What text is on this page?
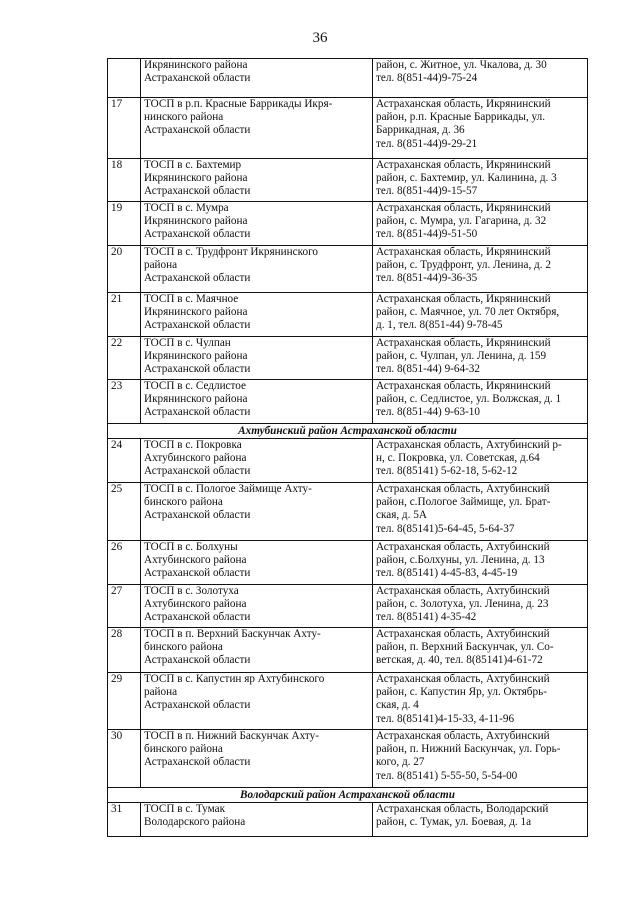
36

	Икрянинского района
Астраханской области	район, с. Житное, ул. Чкалова, д. 30
тел. 8(851-44)9-75-24

17	ТОСП в р.п. Красные Баррикады Икря-
нинского района
Астраханской области	Астраханская область, Икрянинский
район, р.п. Красные Баррикады, ул.
Баррикадная, д. 36
тел. 8(851-44)9-29-21

18	ТОСП в с. Бахтемир
Икрянинского района
Астраханской области	Астраханская область, Икрянинский
район, с. Бахтемир, ул. Калинина, д. 3
тел. 8(851-44)9-15-57

19	ТОСП в с. Мумра
Икрянинского района
Астраханской области	Астраханская область, Икрянинский
район, с. Мумра, ул. Гагарина, д. 32
тел. 8(851-44)9-51-50

20	ТОСП в с. Трудфронт Икрянинского
района
Астраханской области	Астраханская область, Икрянинский
район, с. Трудфронт, ул. Ленина, д. 2
тел. 8(851-44)9-36-35

21	ТОСП в с. Маячное
Икрянинского района
Астраханской области	Астраханская область, Икрянинский
район, с. Маячное, ул. 70 лет Октября,
д. 1, тел. 8(851-44) 9-78-45

22	ТОСП в с. Чулпан
Икрянинского района
Астраханской области	Астраханская область, Икрянинский
район, с. Чулпан, ул. Ленина, д. 159
тел. 8(851-44) 9-64-32

23	ТОСП в с. Седлистое
Икрянинского района
Астраханской области	Астраханская область, Икрянинский
район, с. Седлистое, ул. Волжская, д. 1
тел. 8(851-44) 9-63-10

Ахтубинский район Астраханской области		
24	ТОСП в с. Покровка
Ахтубинского района
Астраханской области	Астраханская область, Ахтубинский р-
н, с. Покровка, ул. Советская, д.64
тел. 8(85141) 5-62-18, 5-62-12

25	ТОСП в с. Пологое Займище Ахту-
бинского района
Астраханской области	Астраханская область, Ахтубинский
район, с.Пологое Займище, ул. Брат-
ская, д. 5А
тел. 8(85141)5-64-45, 5-64-37

26	ТОСП в с. Болхуны
Ахтубинского района
Астраханской области	Астраханская область, Ахтубинский
район, с.Болхуны, ул. Ленина, д. 13
тел. 8(85141) 4-45-83, 4-45-19

27	ТОСП в с. Золотуха
Ахтубинского района
Астраханской области	Астраханская область, Ахтубинский
район, с. Золотуха, ул. Ленина, д. 23
тел. 8(85141) 4-35-42

28	ТОСП в п. Верхний Баскунчак Ахту-
бинского района
Астраханской области	Астраханская область, Ахтубинский
район, п. Верхний Баскунчак, ул. Со-
ветская, д. 40, тел. 8(85141)4-61-72

29	ТОСП в с. Капустин яр Ахтубинского
района
Астраханской области	Астраханская область, Ахтубинский
район, с. Капустин Яр, ул. Октябрь-
ская, д. 4
тел. 8(85141)4-15-33, 4-11-96

30	ТОСП в п. Нижний Баскунчак Ахту-
бинского района
Астраханской области	Астраханская область, Ахтубинский
район, п. Нижний Баскунчак, ул. Горь-
кого, д. 27
тел. 8(85141) 5-55-50, 5-54-00

Володарский район Астраханской области		
31	ТОСП в с. Тумак
Володарского района	Астраханская область, Володарский
район, с. Тумак, ул. Боевая, д. 1а
